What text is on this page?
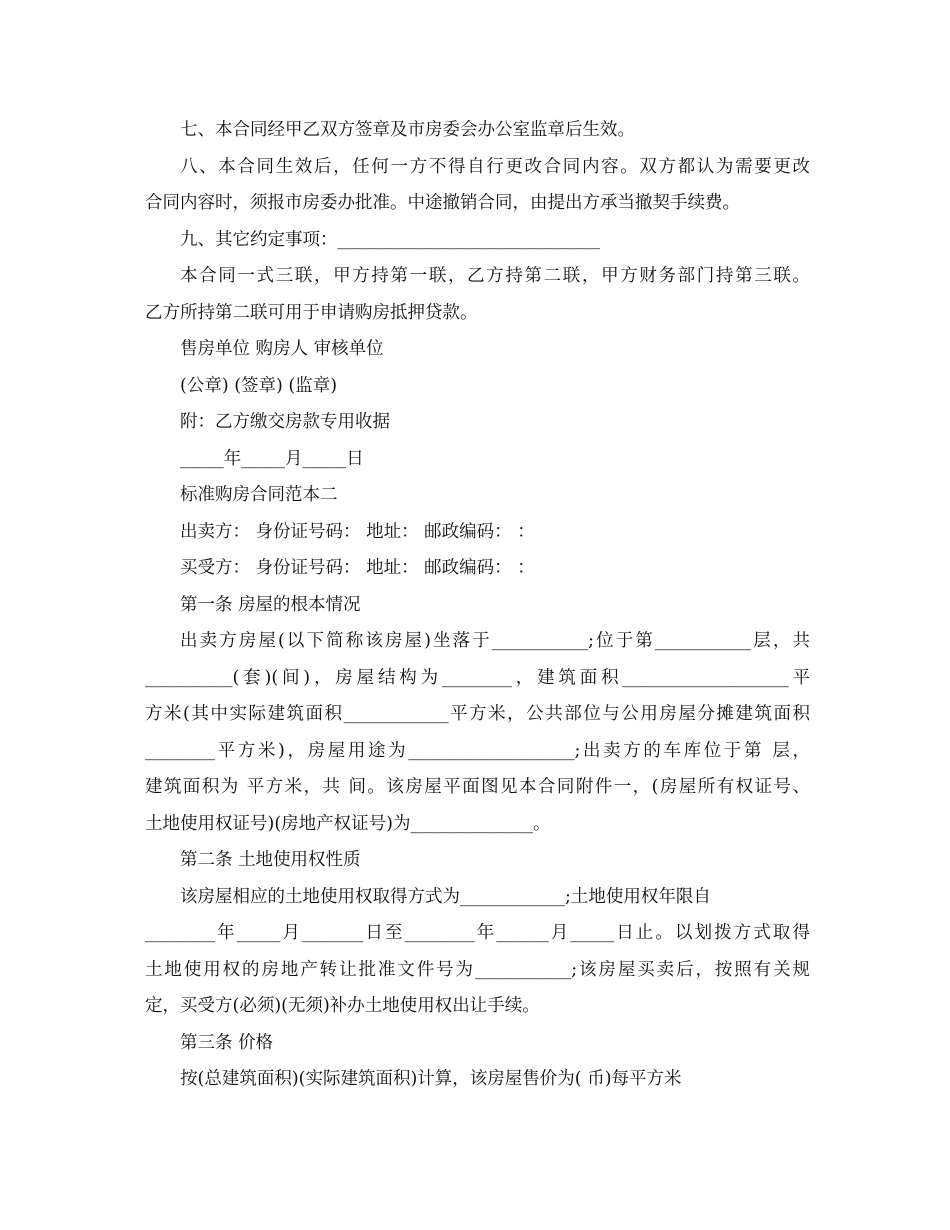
七、本合同经甲乙双方签章及市房委会办公室监章后生效。
八、本合同生效后，任何一方不得自行更改合同内容。双方都认为需要更改
合同内容时，须报市房委办批准。中途撤销合同，由提出方承当撤契手续费。
九、其它约定事项：______________________________
本合同一式三联，甲方持第一联，乙方持第二联，甲方财务部门持第三联。
乙方所持第二联可用于申请购房抵押贷款。
售房单位 购房人 审核单位
(公章) (签章) (监章)
附：乙方缴交房款专用收据
_____年_____月_____日
标准购房合同范本二
出卖方： 身份证号码： 地址： 邮政编码： ：
买受方： 身份证号码： 地址： 邮政编码： ：
第一条 房屋的根本情况
出卖方房屋(以下简称该房屋)坐落于___________;位于第___________层，共
__________(套)(间)，房屋结构为________，建筑面积___________________平
方米(其中实际建筑面积____________平方米，公共部位与公用房屋分摊建筑面积
________平方米)，房屋用途为___________________;出卖方的车库位于第 层，
建筑面积为 平方米，共 间。该房屋平面图见本合同附件一，(房屋所有权证号、
土地使用权证号)(房地产权证号)为______________。
第二条 土地使用权性质
该房屋相应的土地使用权取得方式为____________;土地使用权年限自
________年_____月_______日至________年______月_____日止。以划拨方式取得
土地使用权的房地产转让批准文件号为___________;该房屋买卖后，按照有关规
定，买受方(必须)(无须)补办土地使用权出让手续。
第三条 价格
按(总建筑面积)(实际建筑面积)计算，该房屋售价为( 币)每平方米
